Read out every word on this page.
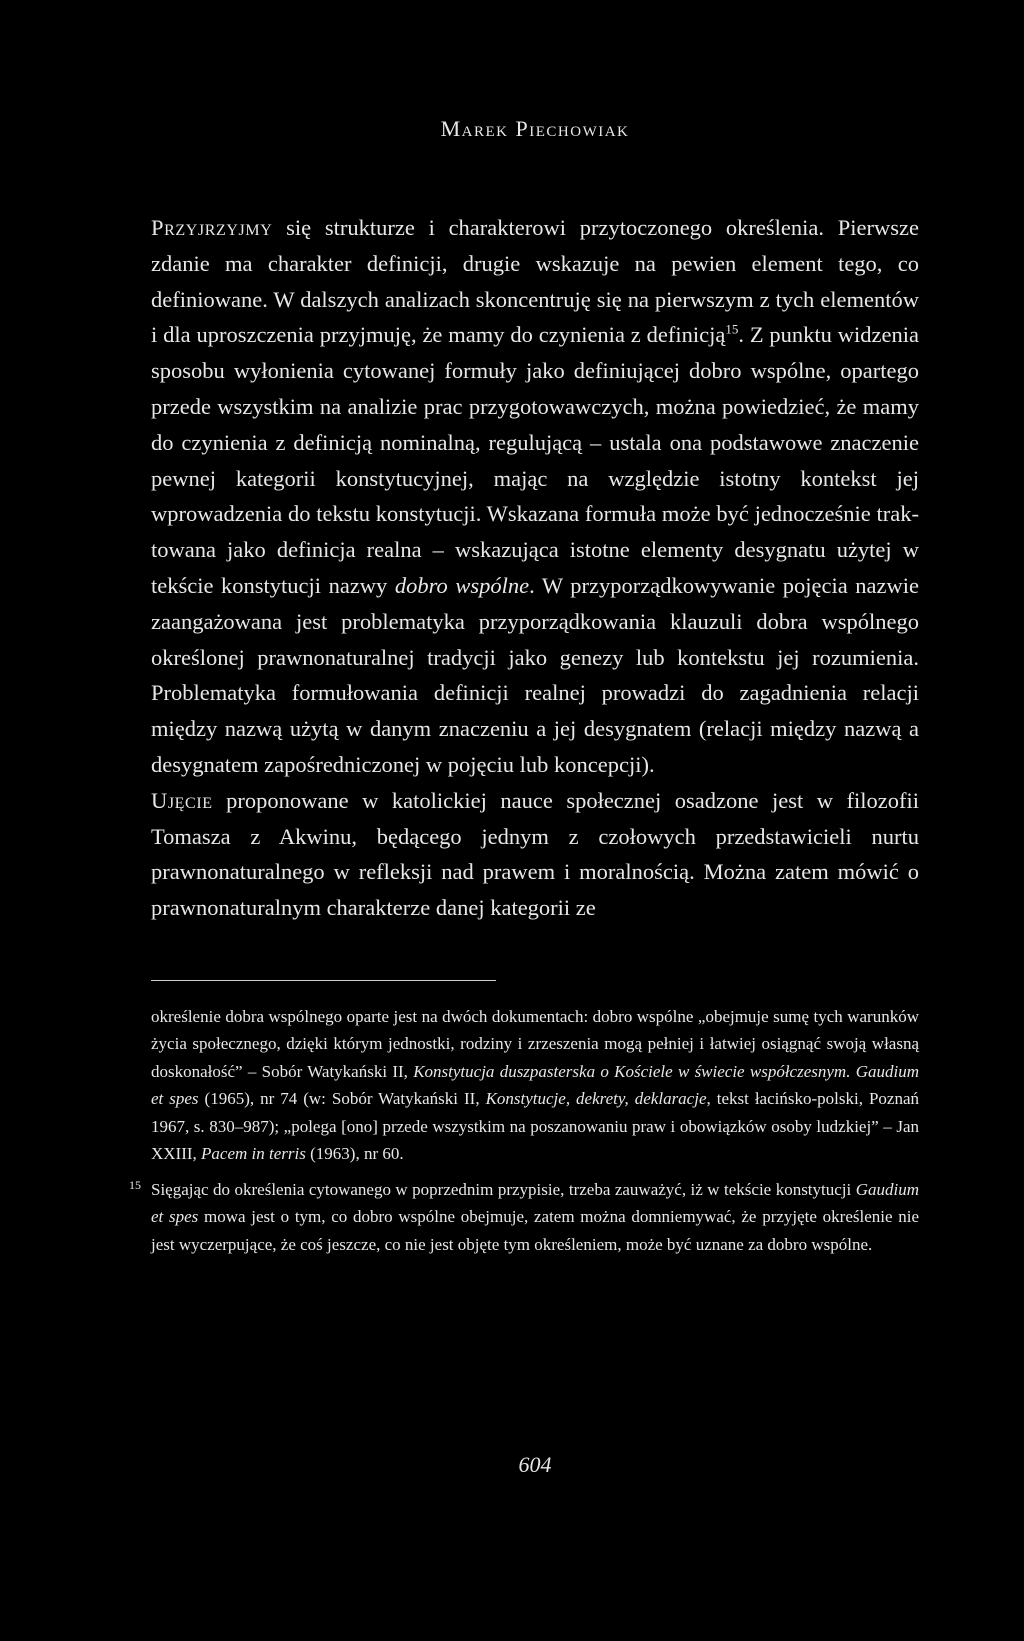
Marek Piechowiak

Przyjrzyjmy się strukturze i charakterowi przytoczonego określenia. Pierwsze zdanie ma charakter definicji, drugie wskazuje na pewien element tego, co definiowane. W dalszych analizach skoncentruję się na pierwszym z tych elementów i dla uproszczenia przyjmuję, że mamy do czynienia z definicją$^{15}$. Z punktu widzenia sposobu wyłonienia cytowanej formuły jako definiującej dobro wspólne, opartego przede wszystkim na analizie prac przygotowawczych, można powiedzieć, że mamy do czynienia z definicją nominalną, regulującą – ustala ona podstawowe znaczenie pewnej kategorii konstytucyjnej, mając na względzie istotny kontekst jej wprowadzenia do tekstu konstytucji. Wskazana formuła może być jednocześnie traktowana jako definicja realna – wskazująca istotne elementy desygnatu użytej w tekście konstytucji nazwy dobro wspólne. W przyporządkowywanie pojęcia nazwie zaangażowana jest problematyka przyporządkowania klauzuli dobra wspólnego określonej prawnonaturalnej tradycji jako genezy lub kontekstu jej rozumienia. Problematyka formułowania definicji realnej prowadzi do zagadnienia relacji między nazwą użytą w danym znaczeniu a jej desygnatem (relacji między nazwą a desygnatem zapośredniczonej w pojęciu lub koncepcji).

Ujęcie proponowane w katolickiej nauce społecznej osadzone jest w filozofii Tomasza z Akwinu, będącego jednym z czołowych przedstawicieli nurtu prawnonaturalnego w refleksji nad prawem i moralnością. Można zatem mówić o prawnonaturalnym charakterze danej kategorii ze

określenie dobra wspólnego oparte jest na dwóch dokumentach: dobro wspólne „obejmuje sumę tych warunków życia społecznego, dzięki którym jednostki, rodziny i zrzeszenia mogą pełniej i łatwiej osiągnąć swoją własną doskonałość” – Sobór Watykański II, Konstytucja duszpasterska o Kościele w świecie współczesnym. Gaudium et spes (1965), nr 74 (w: Sobór Watykański II, Konstytucje, dekrety, deklaracje, tekst łacińsko-polski, Poznań 1967, s. 830–987); „polega [ono] przede wszystkim na poszanowaniu praw i obowiązków osoby ludzkiej” – Jan XXIII, Pacem in terris (1963), nr 60.

15 Sięgając do określenia cytowanego w poprzednim przypisie, trzeba zauważyć, iż w tekście konstytucji Gaudium et spes mowa jest o tym, co dobro wspólne obejmuje, zatem można domniemywać, że przyjęte określenie nie jest wyczerpujące, że coś jeszcze, co nie jest objęte tym określeniem, może być uznane za dobro wspólne.

604
